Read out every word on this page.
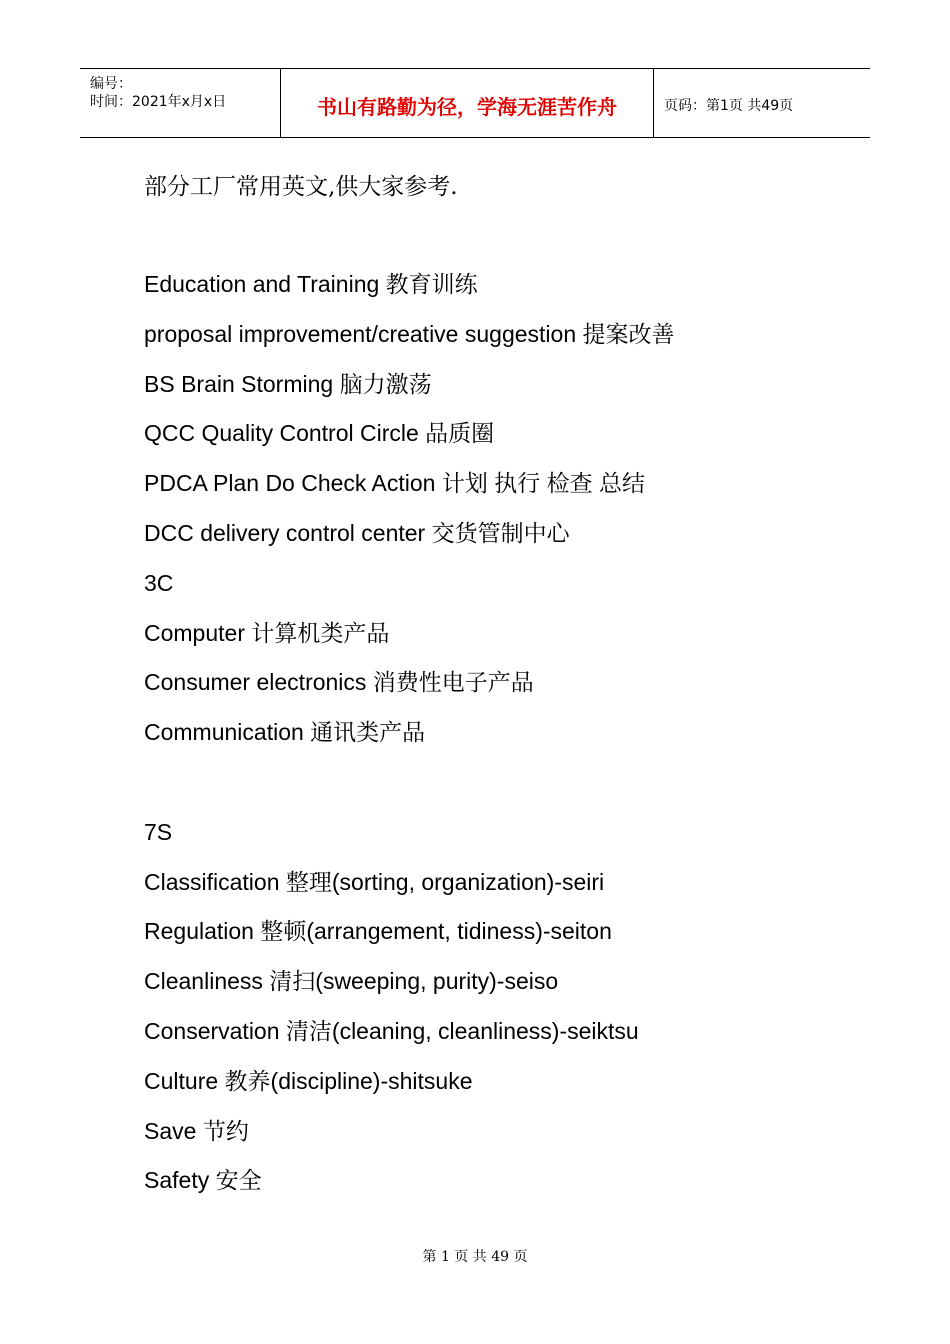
编号：
时间：2021年x月x日	书山有路勤为径，学海无涯苦作舟	页码：第1页 共49页
部分工厂常用英文,供大家参考.
Education and Training 教育训练
proposal improvement/creative suggestion 提案改善
BS Brain Storming 脑力激荡
QCC Quality Control Circle 品质圈
PDCA Plan Do Check Action 计划 执行 检查 总结
DCC delivery control center 交货管制中心
3C
Computer 计算机类产品
Consumer electronics 消费性电子产品
Communication 通讯类产品
7S
Classification 整理(sorting, organization)-seiri
Regulation 整顿(arrangement, tidiness)-seiton
Cleanliness 清扫(sweeping, purity)-seiso
Conservation 清洁(cleaning, cleanliness)-seiktsu
Culture 教养(discipline)-shitsuke
Save 节约
Safety 安全
第 1 页 共 49 页
